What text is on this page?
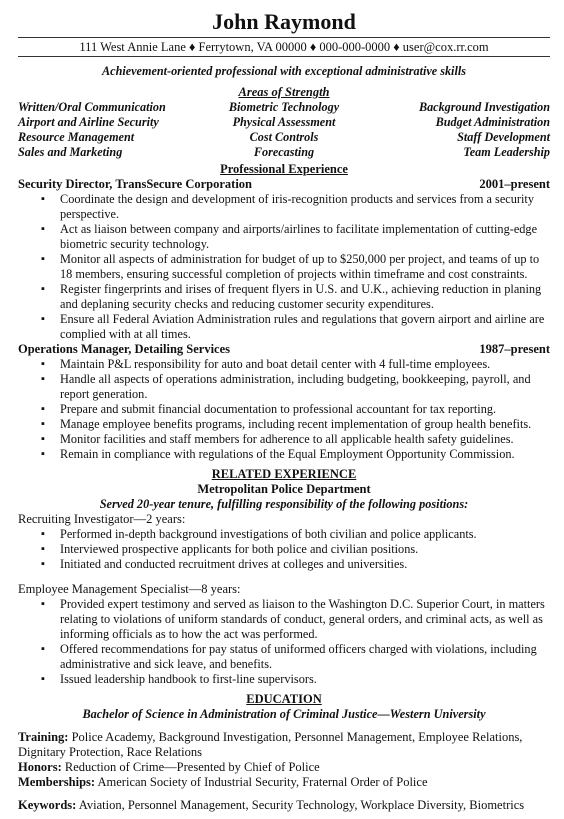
John Raymond
111 West Annie Lane ♦ Ferrytown, VA 00000 ♦ 000-000-0000 ♦ user@cox.rr.com
Achievement-oriented professional with exceptional administrative skills
Areas of Strength
Written/Oral Communication	Biometric Technology	Background Investigation
Airport and Airline Security	Physical Assessment	Budget Administration
Resource Management	Cost Controls	Staff Development
Sales and Marketing	Forecasting	Team Leadership
Professional Experience
Security Director, TransSecure Corporation	2001–present
▪ Coordinate the design and development of iris-recognition products and services from a security perspective.
▪ Act as liaison between company and airports/airlines to facilitate implementation of cutting-edge biometric security technology.
▪ Monitor all aspects of administration for budget of up to $250,000 per project, and teams of up to 18 members, ensuring successful completion of projects within timeframe and cost constraints.
▪ Register fingerprints and irises of frequent flyers in U.S. and U.K., achieving reduction in planing and deplaning security checks and reducing customer security expenditures.
▪ Ensure all Federal Aviation Administration rules and regulations that govern airport and airline are complied with at all times.
Operations Manager, Detailing Services	1987–present
▪ Maintain P&L responsibility for auto and boat detail center with 4 full-time employees.
▪ Handle all aspects of operations administration, including budgeting, bookkeeping, payroll, and report generation.
▪ Prepare and submit financial documentation to professional accountant for tax reporting.
▪ Manage employee benefits programs, including recent implementation of group health benefits.
▪ Monitor facilities and staff members for adherence to all applicable health safety guidelines.
▪ Remain in compliance with regulations of the Equal Employment Opportunity Commission.
RELATED EXPERIENCE
Metropolitan Police Department
Served 20-year tenure, fulfilling responsibility of the following positions:
Recruiting Investigator—2 years:
▪ Performed in-depth background investigations of both civilian and police applicants.
▪ Interviewed prospective applicants for both police and civilian positions.
▪ Initiated and conducted recruitment drives at colleges and universities.
Employee Management Specialist—8 years:
▪ Provided expert testimony and served as liaison to the Washington D.C. Superior Court, in matters relating to violations of uniform standards of conduct, general orders, and criminal acts, as well as informing officials as to how the act was performed.
▪ Offered recommendations for pay status of uniformed officers charged with violations, including administrative and sick leave, and benefits.
▪ Issued leadership handbook to first-line supervisors.
EDUCATION
Bachelor of Science in Administration of Criminal Justice—Western University
Training: Police Academy, Background Investigation, Personnel Management, Employee Relations, Dignitary Protection, Race Relations
Honors: Reduction of Crime—Presented by Chief of Police
Memberships: American Society of Industrial Security, Fraternal Order of Police
Keywords: Aviation, Personnel Management, Security Technology, Workplace Diversity, Biometrics
